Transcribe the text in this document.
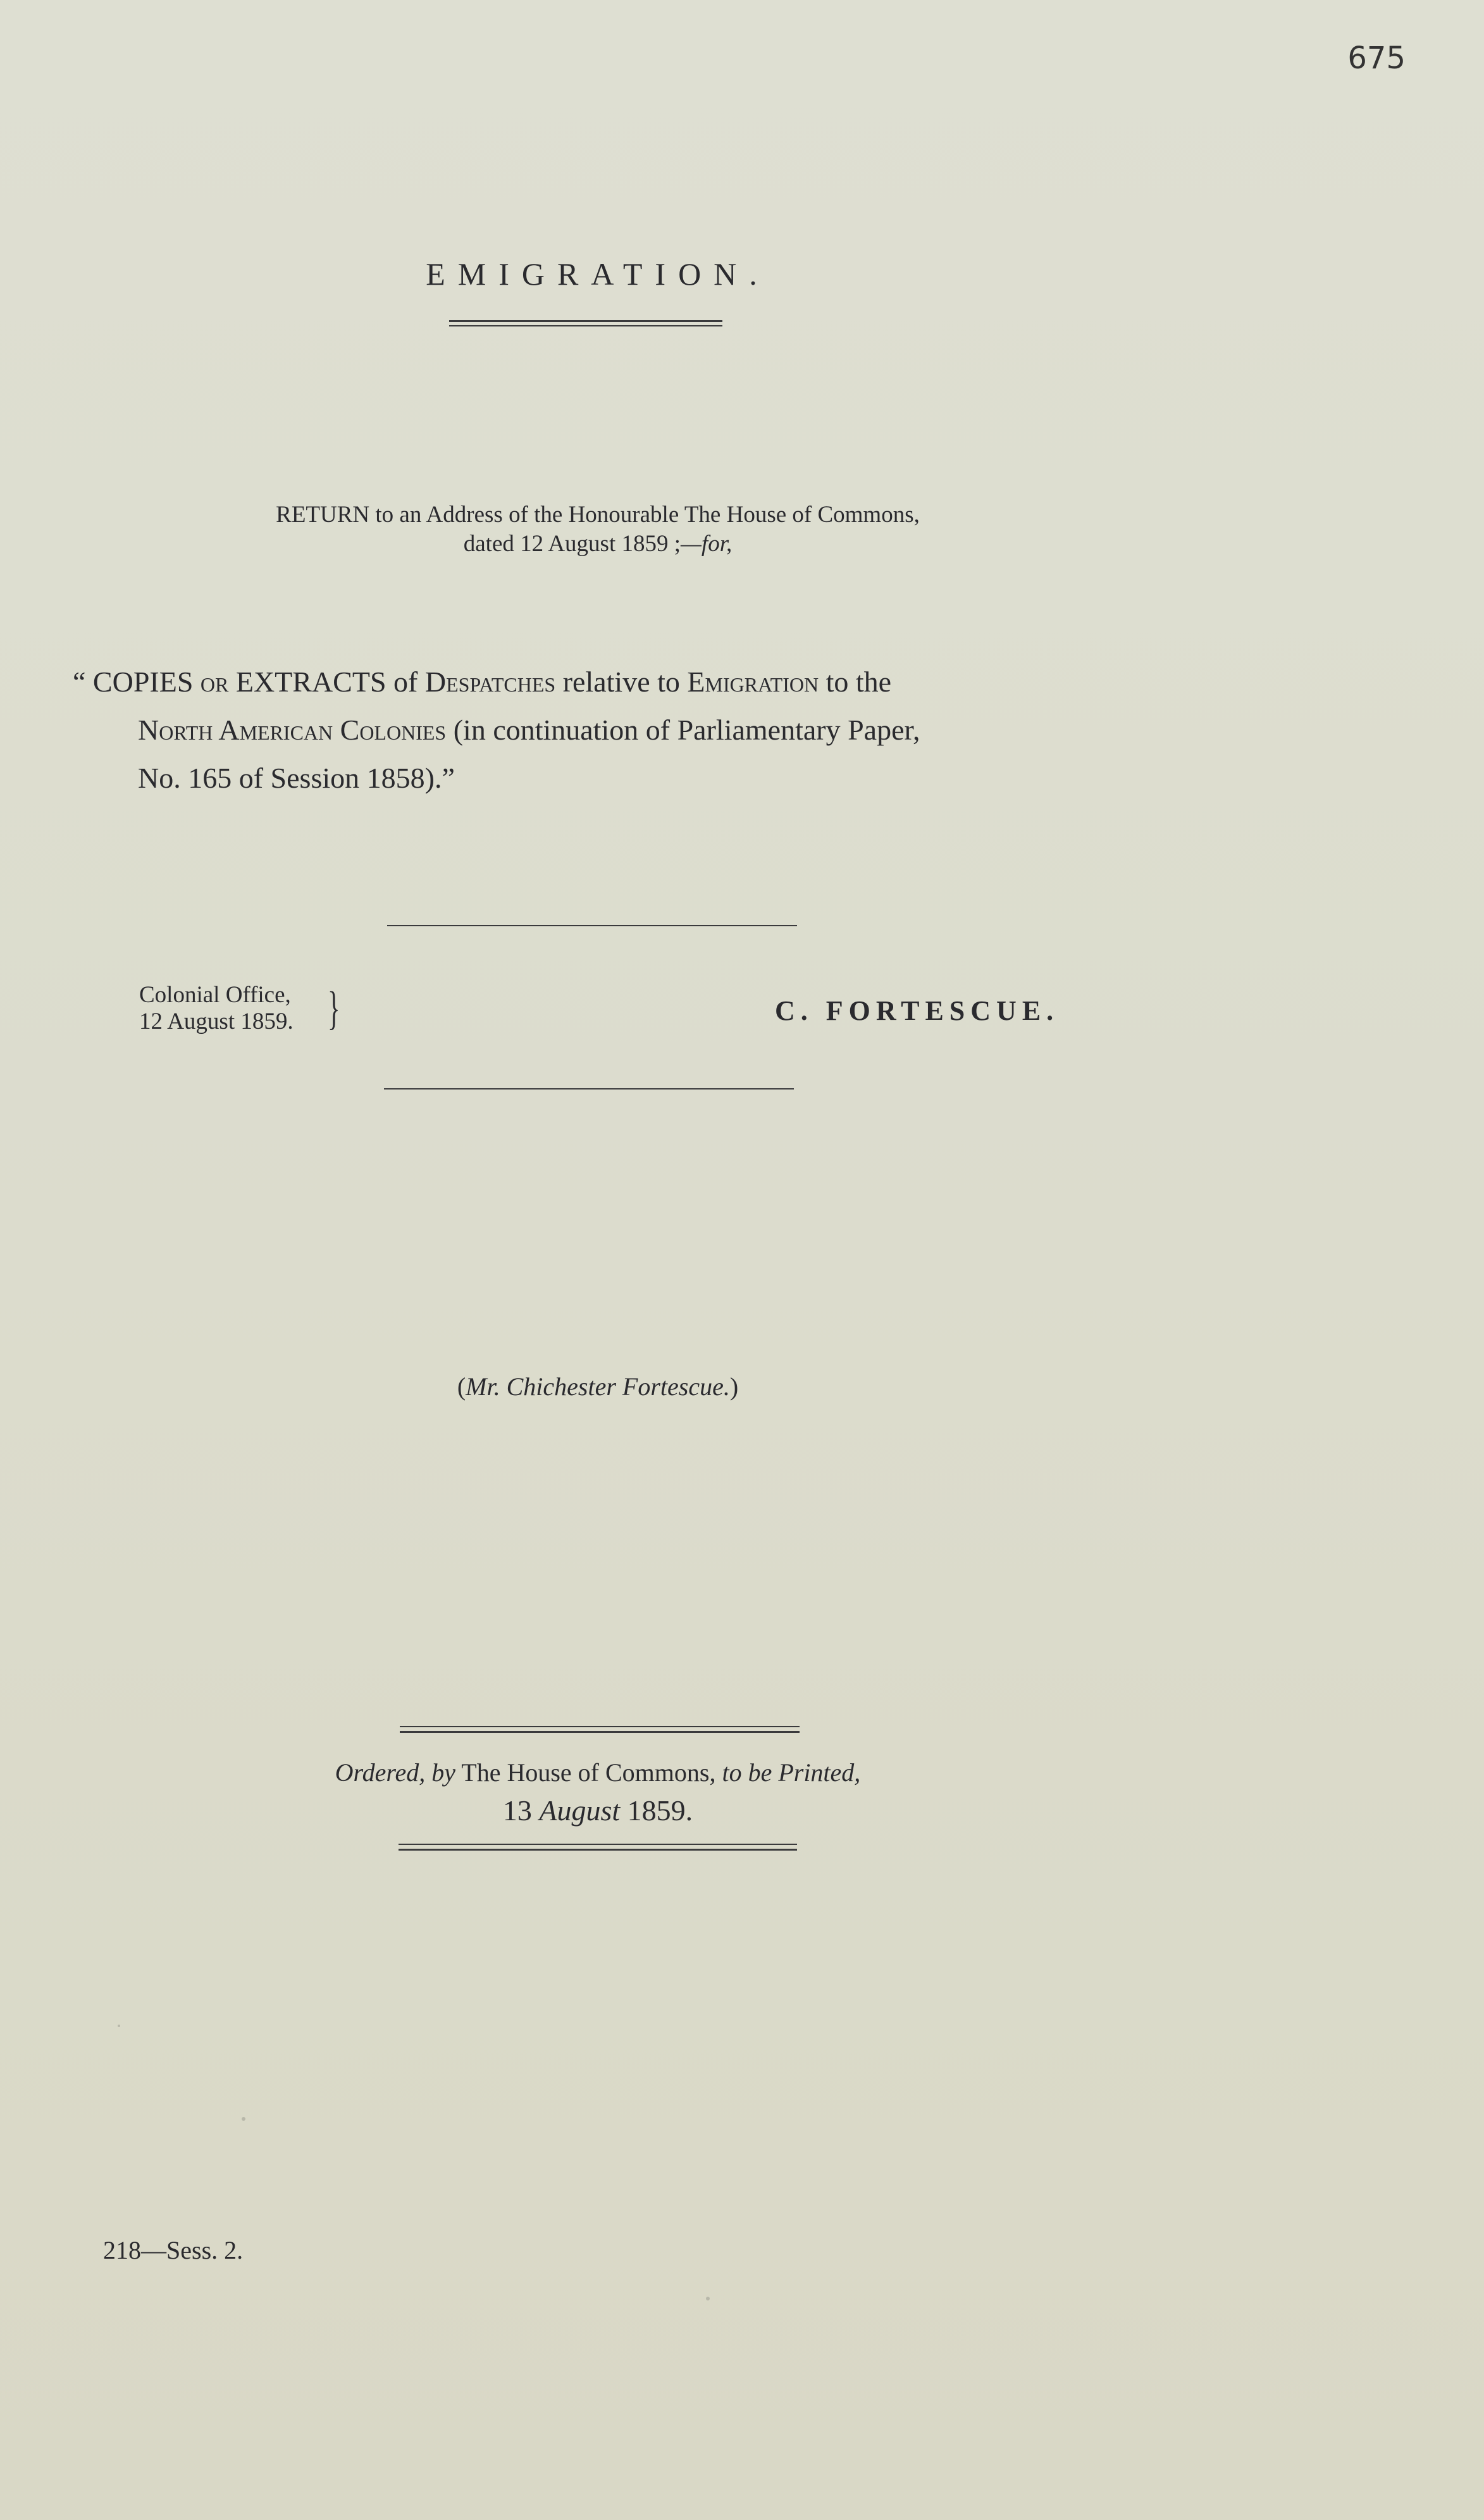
675
EMIGRATION.
RETURN to an Address of the Honourable The House of Commons,
dated 12 August 1859 ;—for,
“ COPIES or EXTRACTS of Despatches relative to Emigration to the
North American Colonies (in continuation of Parliamentary Paper,
No. 165 of Session 1858).”
Colonial Office,
12 August 1859. }	C. FORTESCUE.
(Mr. Chichester Fortescue.)
Ordered, by The House of Commons, to be Printed,
13 August 1859.
218—Sess. 2.
